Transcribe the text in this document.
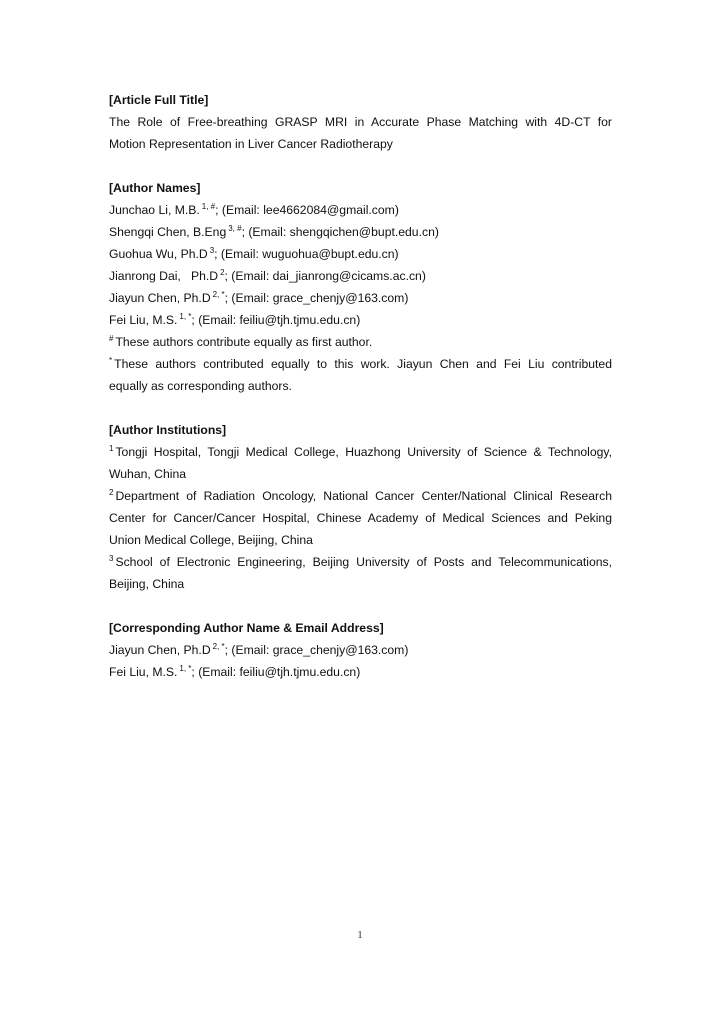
[Article Full Title]
The Role of Free-breathing GRASP MRI in Accurate Phase Matching with 4D-CT for
Motion Representation in Liver Cancer Radiotherapy
[Author Names]
Junchao Li, M.B. $^{1, \#}$; (Email: lee4662084@gmail.com)
Shengqi Chen, B.Eng $^{3, \#}$; (Email: shengqichen@bupt.edu.cn)
Guohua Wu, Ph.D $^3$; (Email: wuguohua@bupt.edu.cn)
Jianrong Dai,   Ph.D $^2$; (Email: dai_jianrong@cicams.ac.cn)
Jiayun Chen, Ph.D $^{2, *}$; (Email: grace_chenjy@163.com)
Fei Liu, M.S. $^{1, *}$; (Email: feiliu@tjh.tjmu.edu.cn)
# These authors contribute equally as first author.
* These authors contributed equally to this work. Jiayun Chen and Fei Liu contributed
equally as corresponding authors.
[Author Institutions]
$^1$ Tongji Hospital, Tongji Medical College, Huazhong University of Science & Technology,
Wuhan, China
$^2$ Department of Radiation Oncology, National Cancer Center/National Clinical Research
Center for Cancer/Cancer Hospital, Chinese Academy of Medical Sciences and Peking
Union Medical College, Beijing, China
$^3$ School of Electronic Engineering, Beijing University of Posts and Telecommunications,
Beijing, China
[Corresponding Author Name & Email Address]
Jiayun Chen, Ph.D $^{2, *}$; (Email: grace_chenjy@163.com)
Fei Liu, M.S. $^{1, *}$; (Email: feiliu@tjh.tjmu.edu.cn)
1
